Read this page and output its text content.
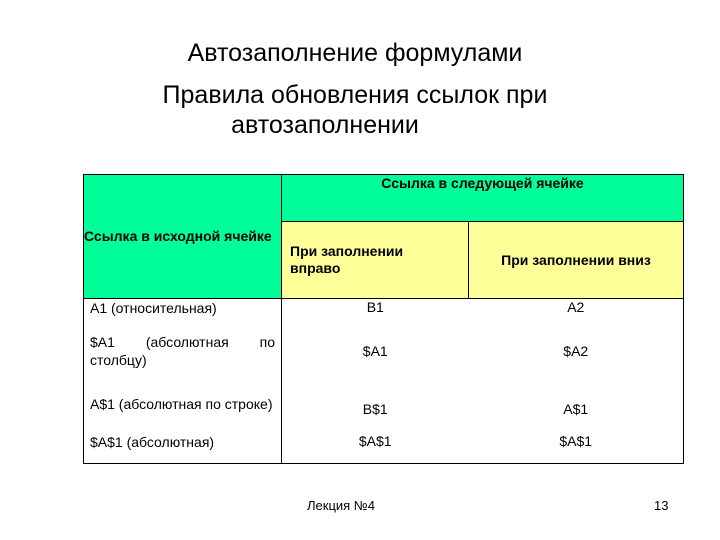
Автозаполнение формулами
Правила обновления ссылок при
автозаполнении
Ссылка в исходной ячейке	Ссылка в следующей ячейке	

	При заполнении вправо	При заполнении вниз
A1 (относительная)	B1	A2
$A1 (абсолютная по столбцу)	$A1	$A2
A$1 (абсолютная по строке)	B$1	A$1
$A$1 (абсолютная)	$A$1	$A$1
Лекция №4	13
